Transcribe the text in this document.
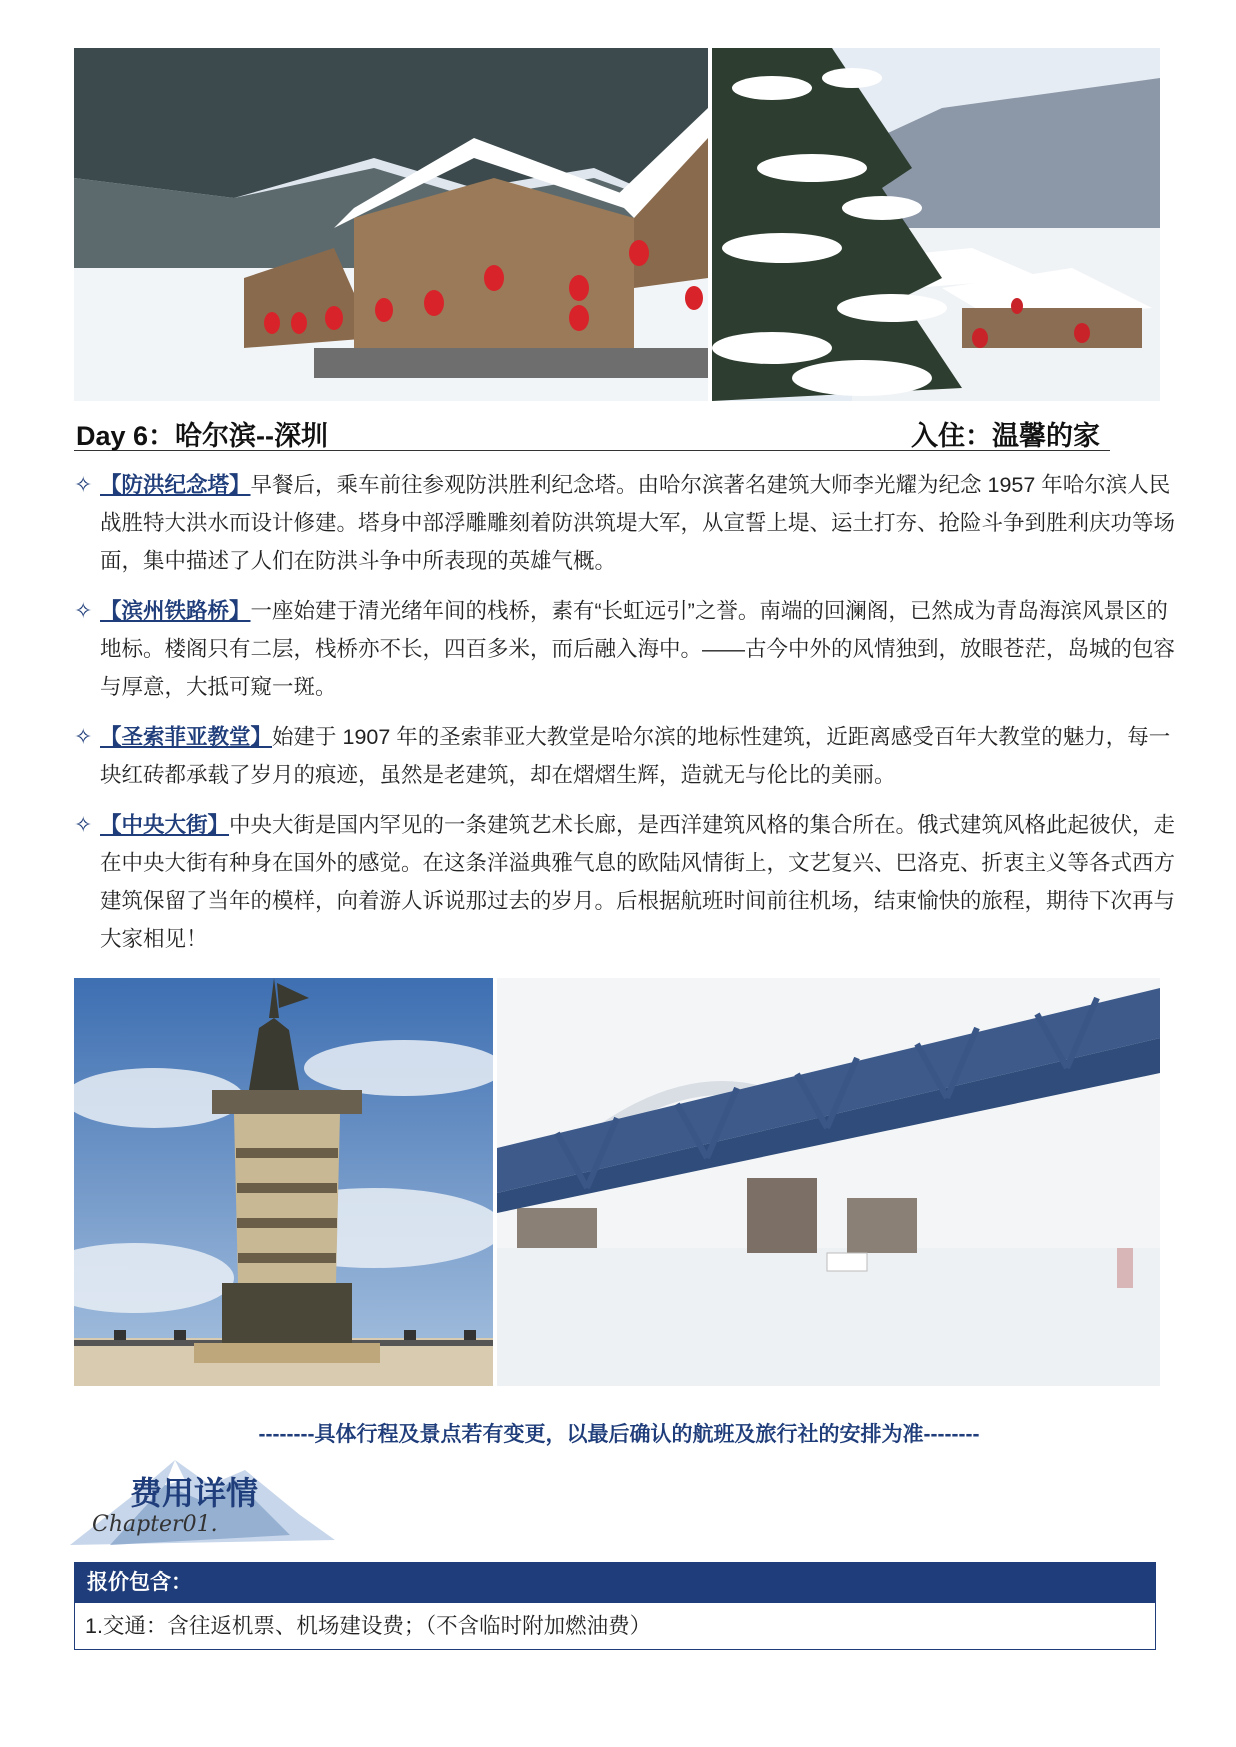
Day 6：哈尔滨--深圳	入住：温馨的家
✧ 【防洪纪念塔】早餐后，乘车前往参观防洪胜利纪念塔。由哈尔滨著名建筑大师李光耀为纪念 1957 年哈尔滨人民战胜特大洪水而设计修建。塔身中部浮雕雕刻着防洪筑堤大军，从宣誓上堤、运土打夯、抢险斗争到胜利庆功等场面，集中描述了人们在防洪斗争中所表现的英雄气概。
✧ 【滨州铁路桥】一座始建于清光绪年间的栈桥，素有“长虹远引”之誉。南端的回澜阁，已然成为青岛海滨风景区的地标。楼阁只有二层，栈桥亦不长，四百多米，而后融入海中。——古今中外的风情独到，放眼苍茫，岛城的包容与厚意，大抵可窥一斑。
✧ 【圣索菲亚教堂】始建于 1907 年的圣索菲亚大教堂是哈尔滨的地标性建筑，近距离感受百年大教堂的魅力，每一块红砖都承载了岁月的痕迹，虽然是老建筑，却在熠熠生辉，造就无与伦比的美丽。
✧ 【中央大街】中央大街是国内罕见的一条建筑艺术长廊，是西洋建筑风格的集合所在。俄式建筑风格此起彼伏，走在中央大街有种身在国外的感觉。在这条洋溢典雅气息的欧陆风情街上，文艺复兴、巴洛克、折衷主义等各式西方建筑保留了当年的模样，向着游人诉说那过去的岁月。后根据航班时间前往机场，结束愉快的旅程，期待下次再与大家相见！
--------具体行程及景点若有变更，以最后确认的航班及旅行社的安排为准--------
费用详情
Chapter01.
报价包含：
1.交通：含往返机票、机场建设费；（不含临时附加燃油费）
